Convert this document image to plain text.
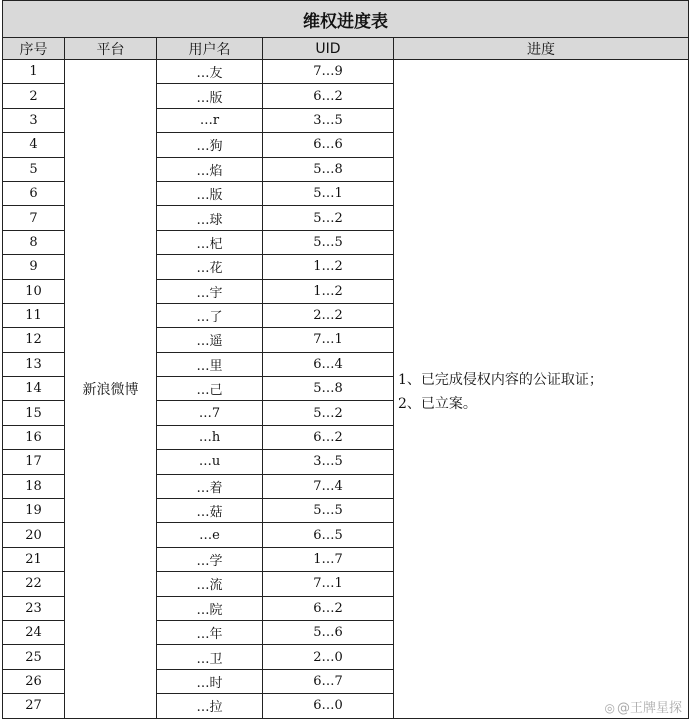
维权进度表				
序号	平台	用户名	UID	进度
1	新浪微博	…友	7…9	1、已完成侵权内容的公证取证；
2、已立案。

2		…版	6…2	
3		…r	3…5	
4		…狗	6…6	
5		…焰	5…8	
6		…版	5…1	
7		…球	5…2	
8		…杞	5…5	
9		…花	1…2	
10		…宇	1…2	
11		…了	2…2	
12		…遥	7…1	
13		…里	6…4	
14		…己	5…8	
15		…7	5…2	
16		…h	6…2	
17		…u	3…5	
18		…着	7…4	
19		…菇	5…5	
20		…e	6…5	
21		…学	1…7	
22		…流	7…1	
23		…院	6…2	
24		…年	5…6	
25		…卫	2…0	
26		…时	6…7	
27		…拉	6…0		◎ @王牌星探
